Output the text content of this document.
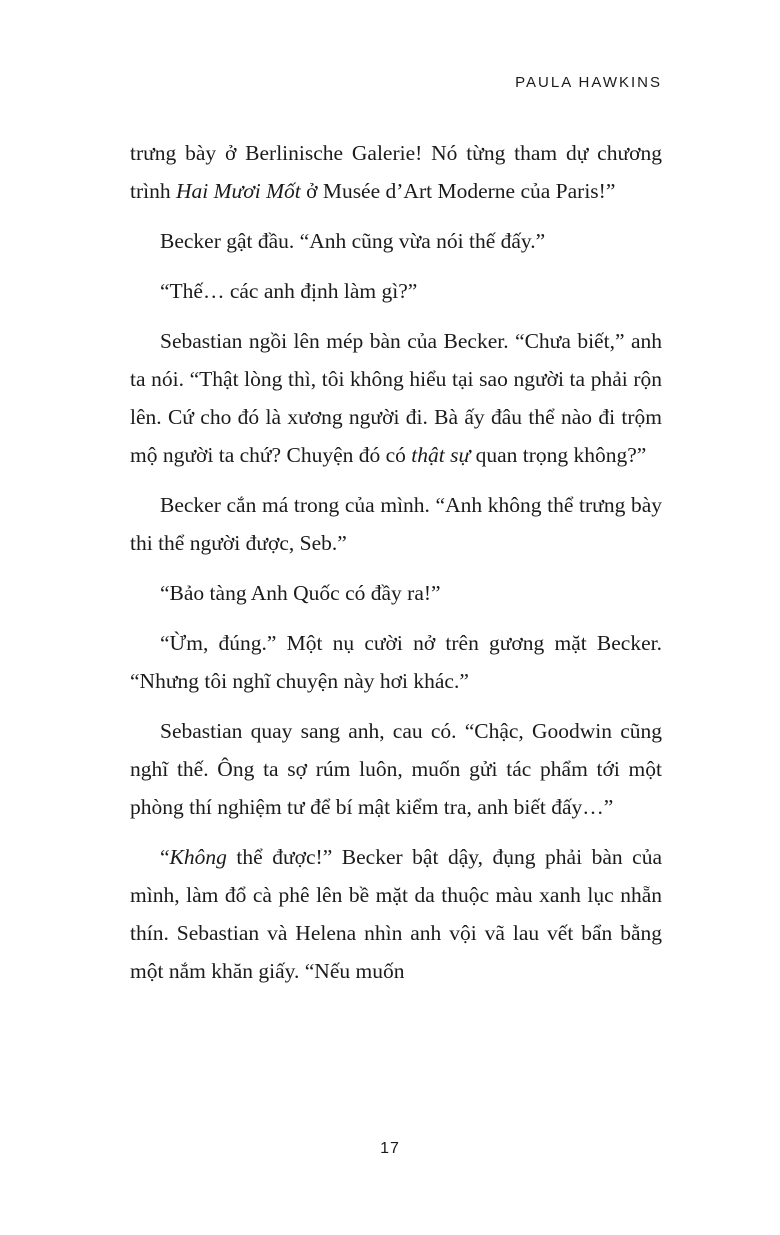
PAULA HAWKINS

trưng bày ở Berlinische Galerie! Nó từng tham dự chương trình Hai Mươi Mốt ở Musée d’Art Moderne của Paris!”

Becker gật đầu. “Anh cũng vừa nói thế đấy.”

“Thế… các anh định làm gì?”

Sebastian ngồi lên mép bàn của Becker. “Chưa biết,” anh ta nói. “Thật lòng thì, tôi không hiểu tại sao người ta phải rộn lên. Cứ cho đó là xương người đi. Bà ấy đâu thể nào đi trộm mộ người ta chứ? Chuyện đó có thật sự quan trọng không?”

Becker cắn má trong của mình. “Anh không thể trưng bày thi thể người được, Seb.”

“Bảo tàng Anh Quốc có đầy ra!”

“Ừm, đúng.” Một nụ cười nở trên gương mặt Becker. “Nhưng tôi nghĩ chuyện này hơi khác.”

Sebastian quay sang anh, cau có. “Chậc, Goodwin cũng nghĩ thế. Ông ta sợ rúm luôn, muốn gửi tác phẩm tới một phòng thí nghiệm tư để bí mật kiểm tra, anh biết đấy…”

“Không thể được!” Becker bật dậy, đụng phải bàn của mình, làm đổ cà phê lên bề mặt da thuộc màu xanh lục nhẵn thín. Sebastian và Helena nhìn anh vội vã lau vết bẩn bằng một nắm khăn giấy. “Nếu muốn

17
